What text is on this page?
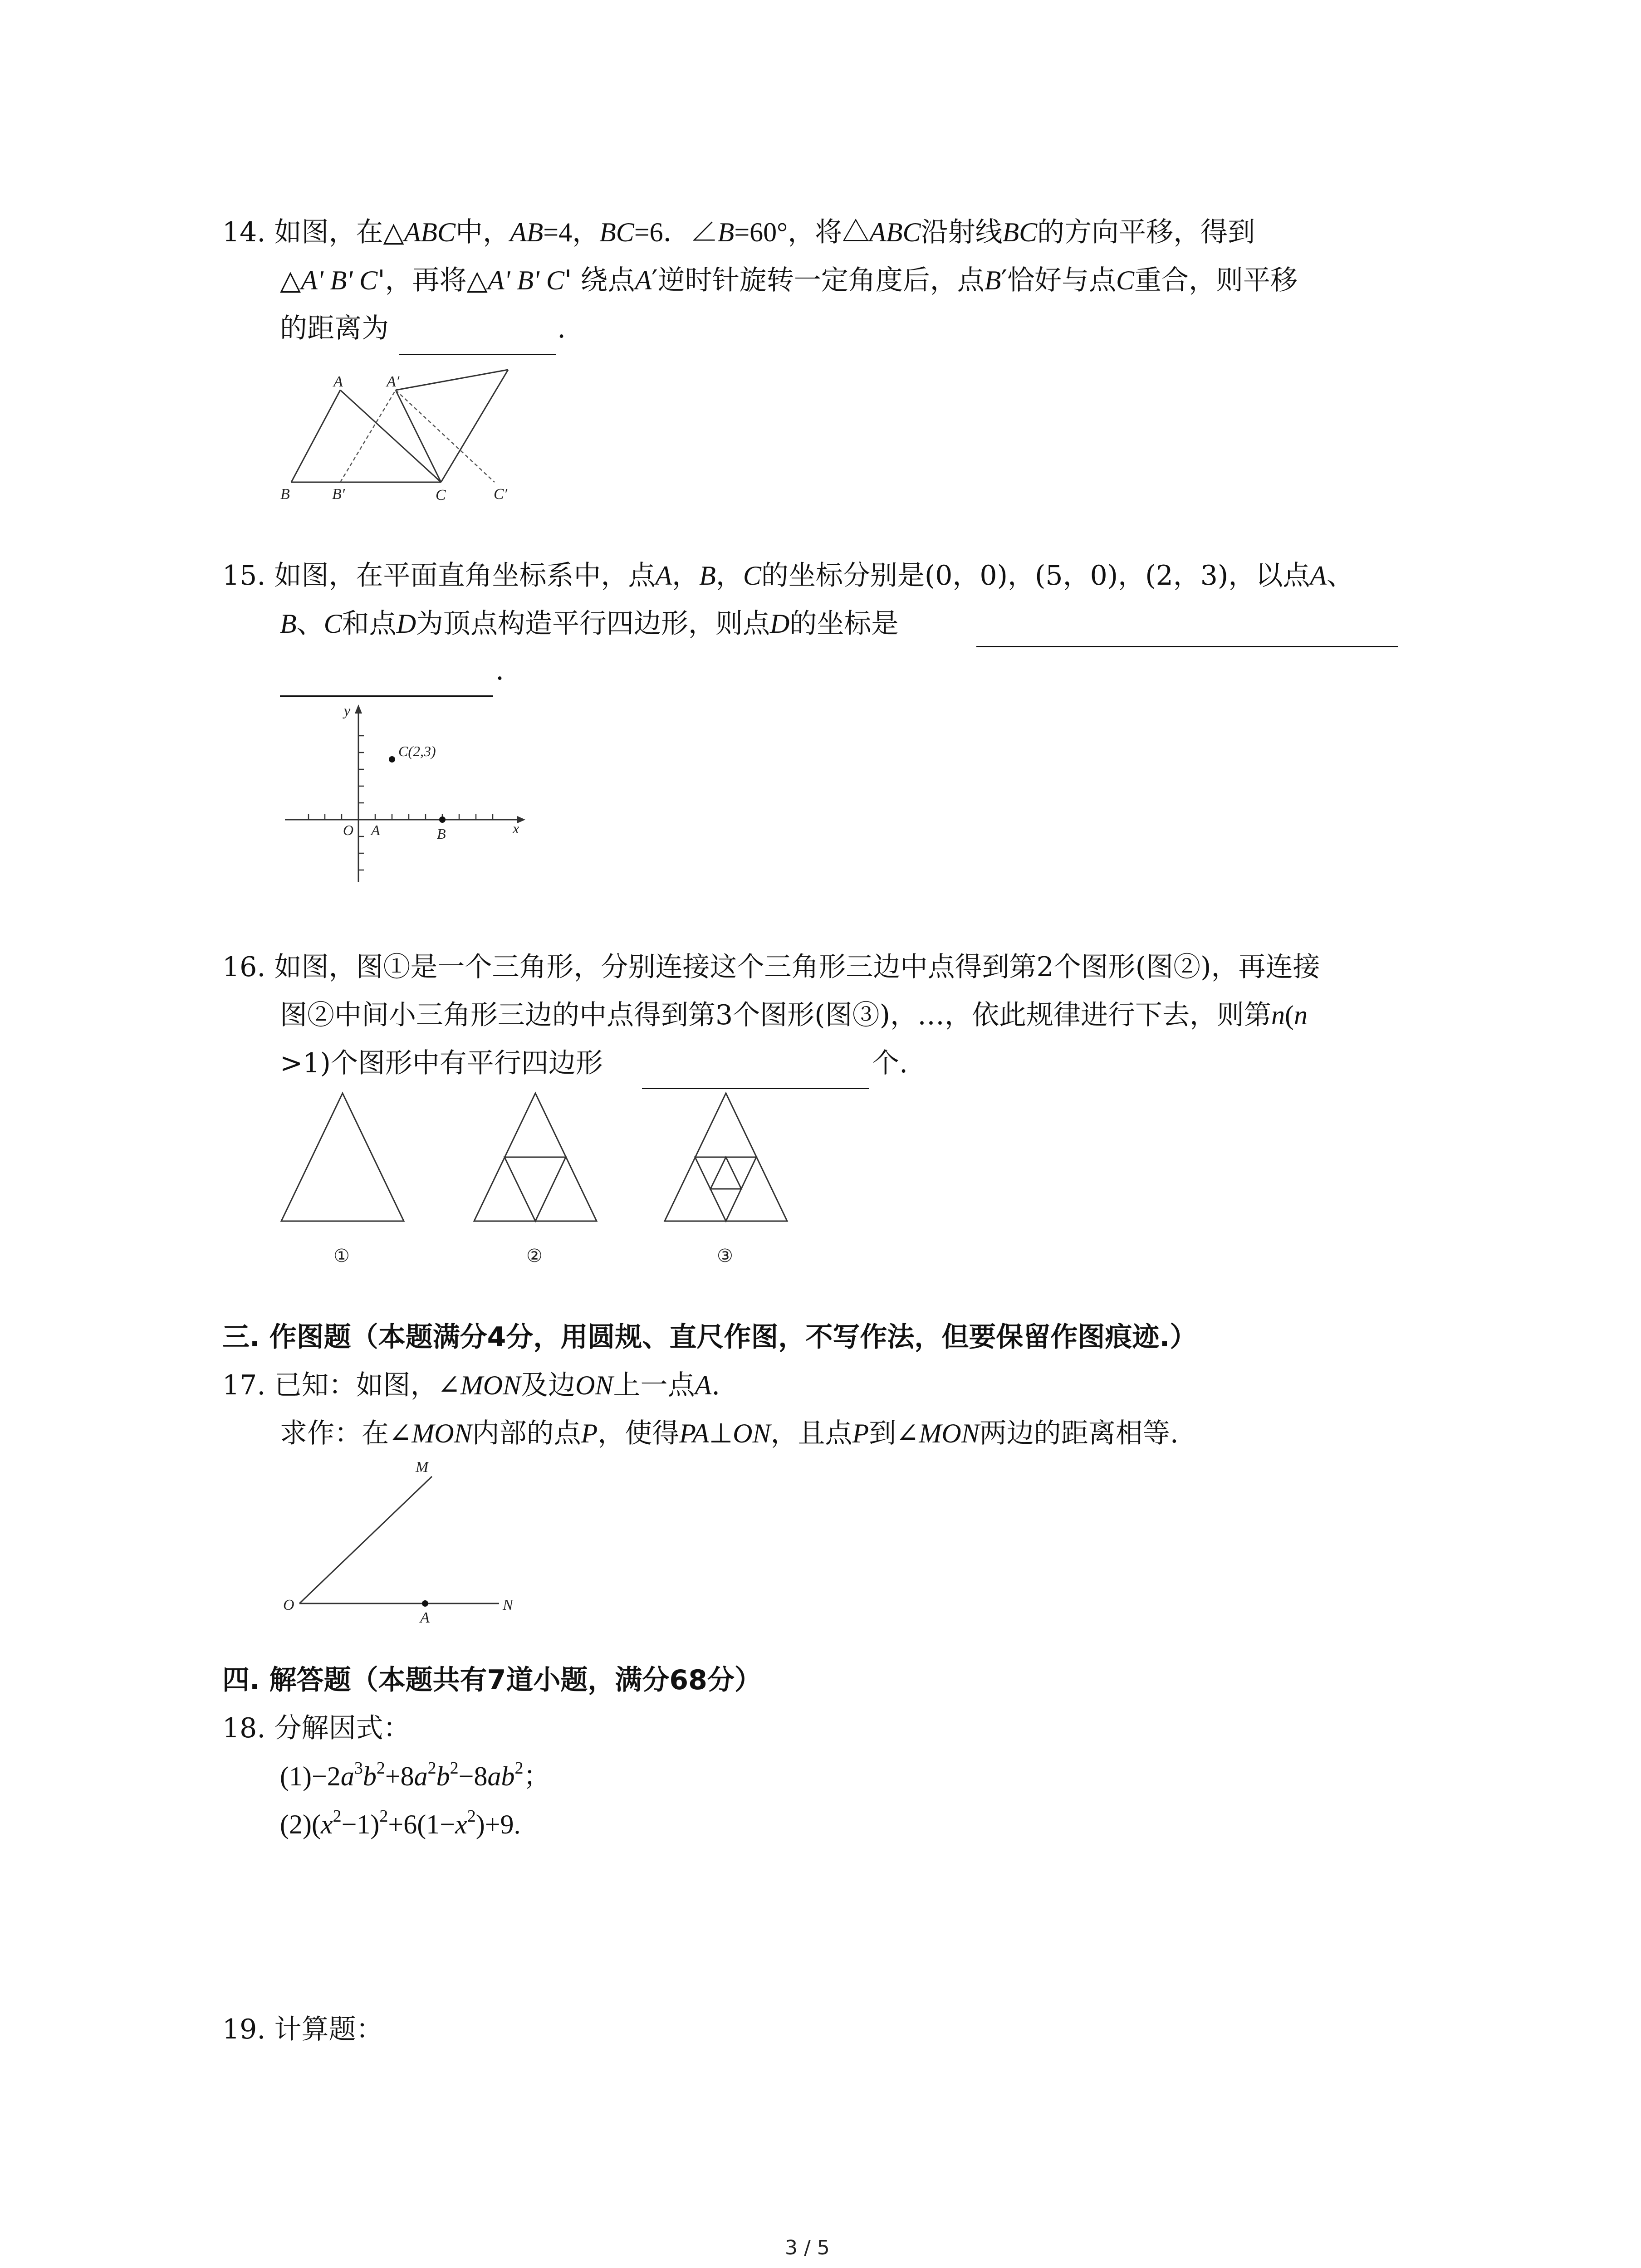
14. 如图，在△ABC中，AB=4，BC=6．∠B=60°，将△ABC沿射线BC的方向平移，得到
△A' B' C'，再将△A' B' C' 绕点A′逆时针旋转一定角度后，点B′恰好与点C重合，则平移
的距离为	.
A	A′
B	B′	C	C′
15. 如图，在平面直角坐标系中，点A，B，C的坐标分别是(0，0)，(5，0)，(2，3)，以点A、
B、C和点D为顶点构造平行四边形，则点D的坐标是
.
y
x
O A	B
C(2,3)
16. 如图，图①是一个三角形，分别连接这个三角形三边中点得到第2个图形(图②)，再连接
图②中间小三角形三边的中点得到第3个图形(图③)，…，依此规律进行下去，则第n(n
>1)个图形中有平行四边形	个.
①	②	③
三. 作图题（本题满分4分，用圆规、直尺作图，不写作法，但要保留作图痕迹.）
17. 已知：如图，∠MON及边ON上一点A.
求作：在∠MON内部的点P，使得PA⊥ON，且点P到∠MON两边的距离相等.
M
O
A
N
四. 解答题（本题共有7道小题，满分68分）
18. 分解因式：
$(1)-2a^3b^2+8a^2b^2-8ab^2$；
$(2)(x^2-1)^2+6(1-x^2)+9$.
19. 计算题：
3 / 5
